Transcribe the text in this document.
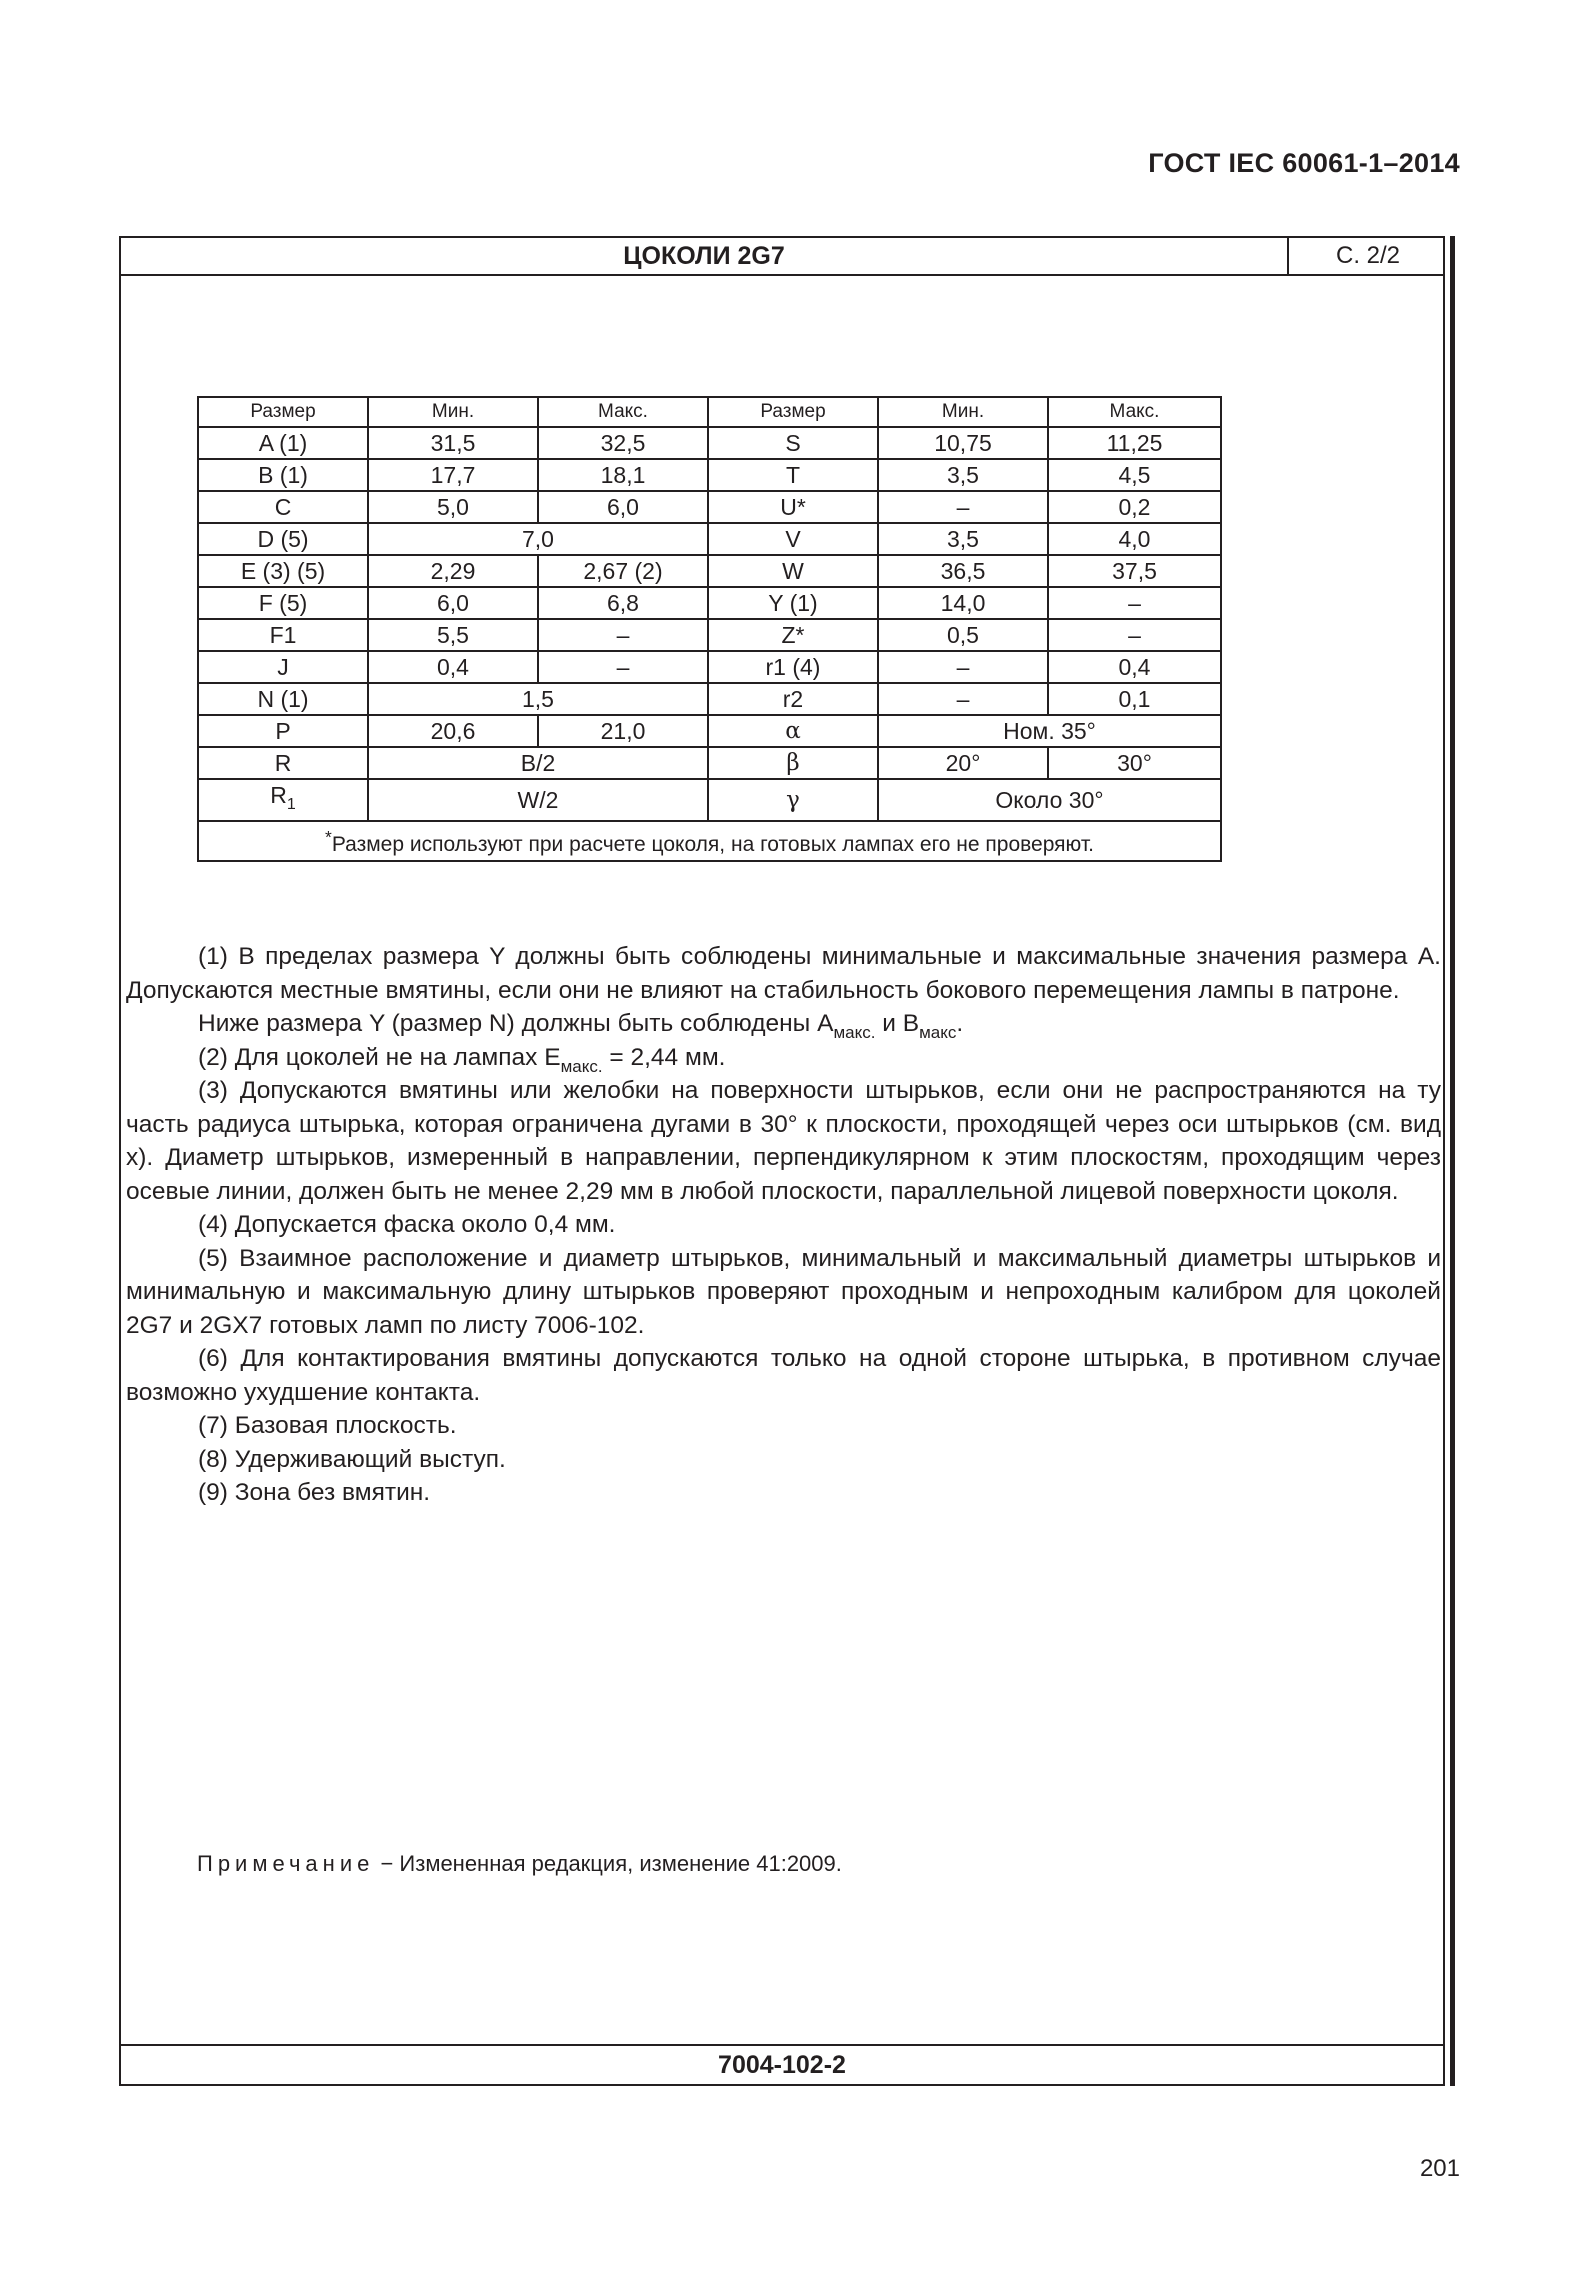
ГОСТ IEC 60061-1–2014
ЦОКОЛИ 2G7	С. 2/2
7004-102-2
Размер	Мин.	Макс.	Размер	Мин.	Макс.
A (1)	31,5	32,5	S	10,75	11,25
B (1)	17,7	18,1	T	3,5	4,5
C	5,0	6,0	U*	–	0,2
D (5)	7,0		V	3,5	4,0
E (3) (5)	2,29	2,67 (2)	W	36,5	37,5
F (5)	6,0	6,8	Y (1)	14,0	–
F1	5,5	–	Z*	0,5	–
J	0,4	–	r1 (4)	–	0,4
N (1)	1,5		r2	–	0,1
P	20,6	21,0	α	Ном. 35°	
R	B/2		β	20°	30°
$R_1$	W/2		γ	Около 30°	
*Размер используют при расчете цоколя, на готовых лампах его не проверяют.					

(1) В пределах размера Y должны быть соблюдены минимальные и максимальные значения размера A. Допускаются местные вмятины, если они не влияют на стабильность бокового перемещения лампы в патроне.

Ниже размера Y (размер N) должны быть соблюдены $A_{макс.}$ и $B_{макс}$.

(2) Для цоколей не на лампах $E_{макс.} = 2,44$ мм.

(3) Допускаются вмятины или желобки на поверхности штырьков, если они не распространяются на ту часть радиуса штырька, которая ограничена дугами в 30° к плоскости, проходящей через оси штырьков (см. вид x). Диаметр штырьков, измеренный в направлении, перпендикулярном к этим плоскостям, проходящим через осевые линии, должен быть не менее 2,29 мм в любой плоскости, параллельной лицевой поверхности цоколя.

(4) Допускается фаска около 0,4 мм.

(5) Взаимное расположение и диаметр штырьков, минимальный и максимальный диаметры штырьков и минимальную и максимальную длину штырьков проверяют проходным и непроходным калибром для цоколей 2G7 и 2GX7 готовых ламп по листу 7006-102.

(6) Для контактирования вмятины допускаются только на одной стороне штырька, в противном случае возможно ухудшение контакта.

(7) Базовая плоскость.

(8) Удерживающий выступ.

(9) Зона без вмятин.

Примечание − Измененная редакция, изменение 41:2009.
201
